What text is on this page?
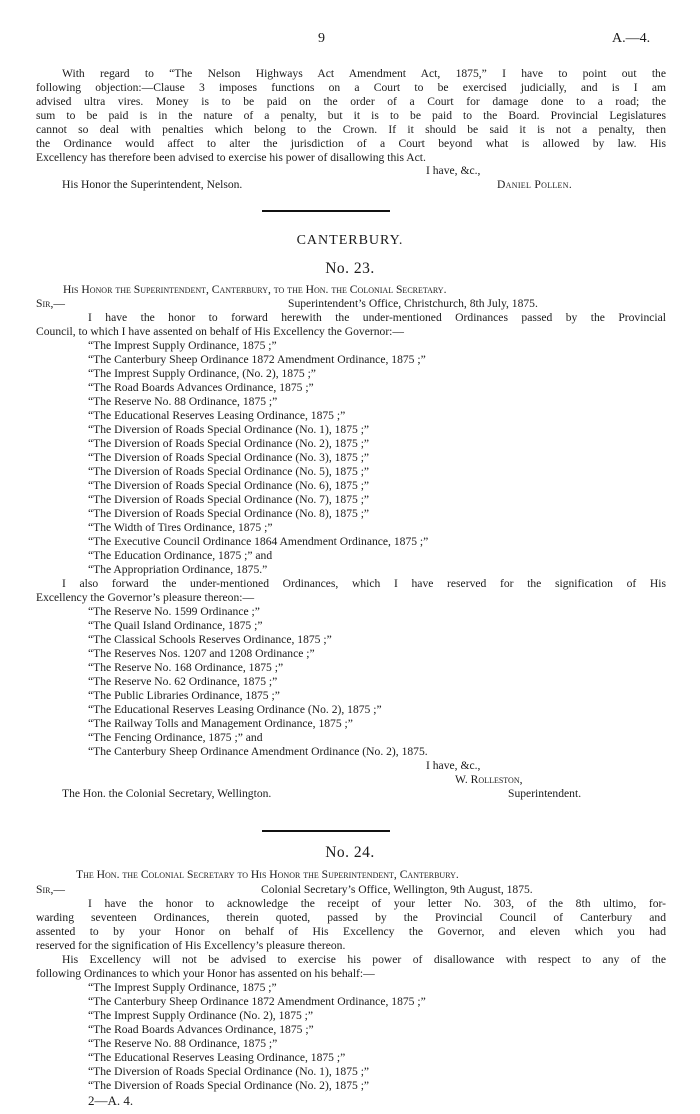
9	A.—4.
With regard to “The Nelson Highways Act Amendment Act, 1875,” I have to point out the
following objection:—Clause 3 imposes functions on a Court to be exercised judicially, and is I am
advised ultra vires. Money is to be paid on the order of a Court for damage done to a road; the
sum to be paid is in the nature of a penalty, but it is to be paid to the Board. Provincial Legislatures
cannot so deal with penalties which belong to the Crown. If it should be said it is not a penalty, then
the Ordinance would affect to alter the jurisdiction of a Court beyond what is allowed by law. His
Excellency has therefore been advised to exercise his power of disallowing this Act.
I have, &c.,
His Honor the Superintendent, Nelson.	Daniel Pollen.
CANTERBURY.
No. 23.
His Honor the Superintendent, Canterbury, to the Hon. the Colonial Secretary.
Sir,—	Superintendent’s Office, Christchurch, 8th July, 1875.
I have the honor to forward herewith the under-mentioned Ordinances passed by the Provincial
Council, to which I have assented on behalf of His Excellency the Governor:—
“The Imprest Supply Ordinance, 1875 ;”
“The Canterbury Sheep Ordinance 1872 Amendment Ordinance, 1875 ;”
“The Imprest Supply Ordinance, (No. 2), 1875 ;”
“The Road Boards Advances Ordinance, 1875 ;”
“The Reserve No. 88 Ordinance, 1875 ;”
“The Educational Reserves Leasing Ordinance, 1875 ;”
“The Diversion of Roads Special Ordinance (No. 1), 1875 ;”
“The Diversion of Roads Special Ordinance (No. 2), 1875 ;”
“The Diversion of Roads Special Ordinance (No. 3), 1875 ;”
“The Diversion of Roads Special Ordinance (No. 5), 1875 ;”
“The Diversion of Roads Special Ordinance (No. 6), 1875 ;”
“The Diversion of Roads Special Ordinance (No. 7), 1875 ;”
“The Diversion of Roads Special Ordinance (No. 8), 1875 ;”
“The Width of Tires Ordinance, 1875 ;”
“The Executive Council Ordinance 1864 Amendment Ordinance, 1875 ;”
“The Education Ordinance, 1875 ;” and
“The Appropriation Ordinance, 1875.”
I also forward the under-mentioned Ordinances, which I have reserved for the signification of His
Excellency the Governor’s pleasure thereon:—
“The Reserve No. 1599 Ordinance ;”
“The Quail Island Ordinance, 1875 ;”
“The Classical Schools Reserves Ordinance, 1875 ;”
“The Reserves Nos. 1207 and 1208 Ordinance ;”
“The Reserve No. 168 Ordinance, 1875 ;”
“The Reserve No. 62 Ordinance, 1875 ;”
“The Public Libraries Ordinance, 1875 ;”
“The Educational Reserves Leasing Ordinance (No. 2), 1875 ;”
“The Railway Tolls and Management Ordinance, 1875 ;”
“The Fencing Ordinance, 1875 ;” and
“The Canterbury Sheep Ordinance Amendment Ordinance (No. 2), 1875.
I have, &c.,
W. Rolleston,
The Hon. the Colonial Secretary, Wellington.	Superintendent.
No. 24.
The Hon. the Colonial Secretary to His Honor the Superintendent, Canterbury.
Sir,—	Colonial Secretary’s Office, Wellington, 9th August, 1875.
I have the honor to acknowledge the receipt of your letter No. 303, of the 8th ultimo, for-
warding seventeen Ordinances, therein quoted, passed by the Provincial Council of Canterbury and
assented to by your Honor on behalf of His Excellency the Governor, and eleven which you had
reserved for the signification of His Excellency’s pleasure thereon.
His Excellency will not be advised to exercise his power of disallowance with respect to any of the
following Ordinances to which your Honor has assented on his behalf:—
“The Imprest Supply Ordinance, 1875 ;”
“The Canterbury Sheep Ordinance 1872 Amendment Ordinance, 1875 ;”
“The Imprest Supply Ordinance (No. 2), 1875 ;”
“The Road Boards Advances Ordinance, 1875 ;”
“The Reserve No. 88 Ordinance, 1875 ;”
“The Educational Reserves Leasing Ordinance, 1875 ;”
“The Diversion of Roads Special Ordinance (No. 1), 1875 ;”
“The Diversion of Roads Special Ordinance (No. 2), 1875 ;”
2—A. 4.
